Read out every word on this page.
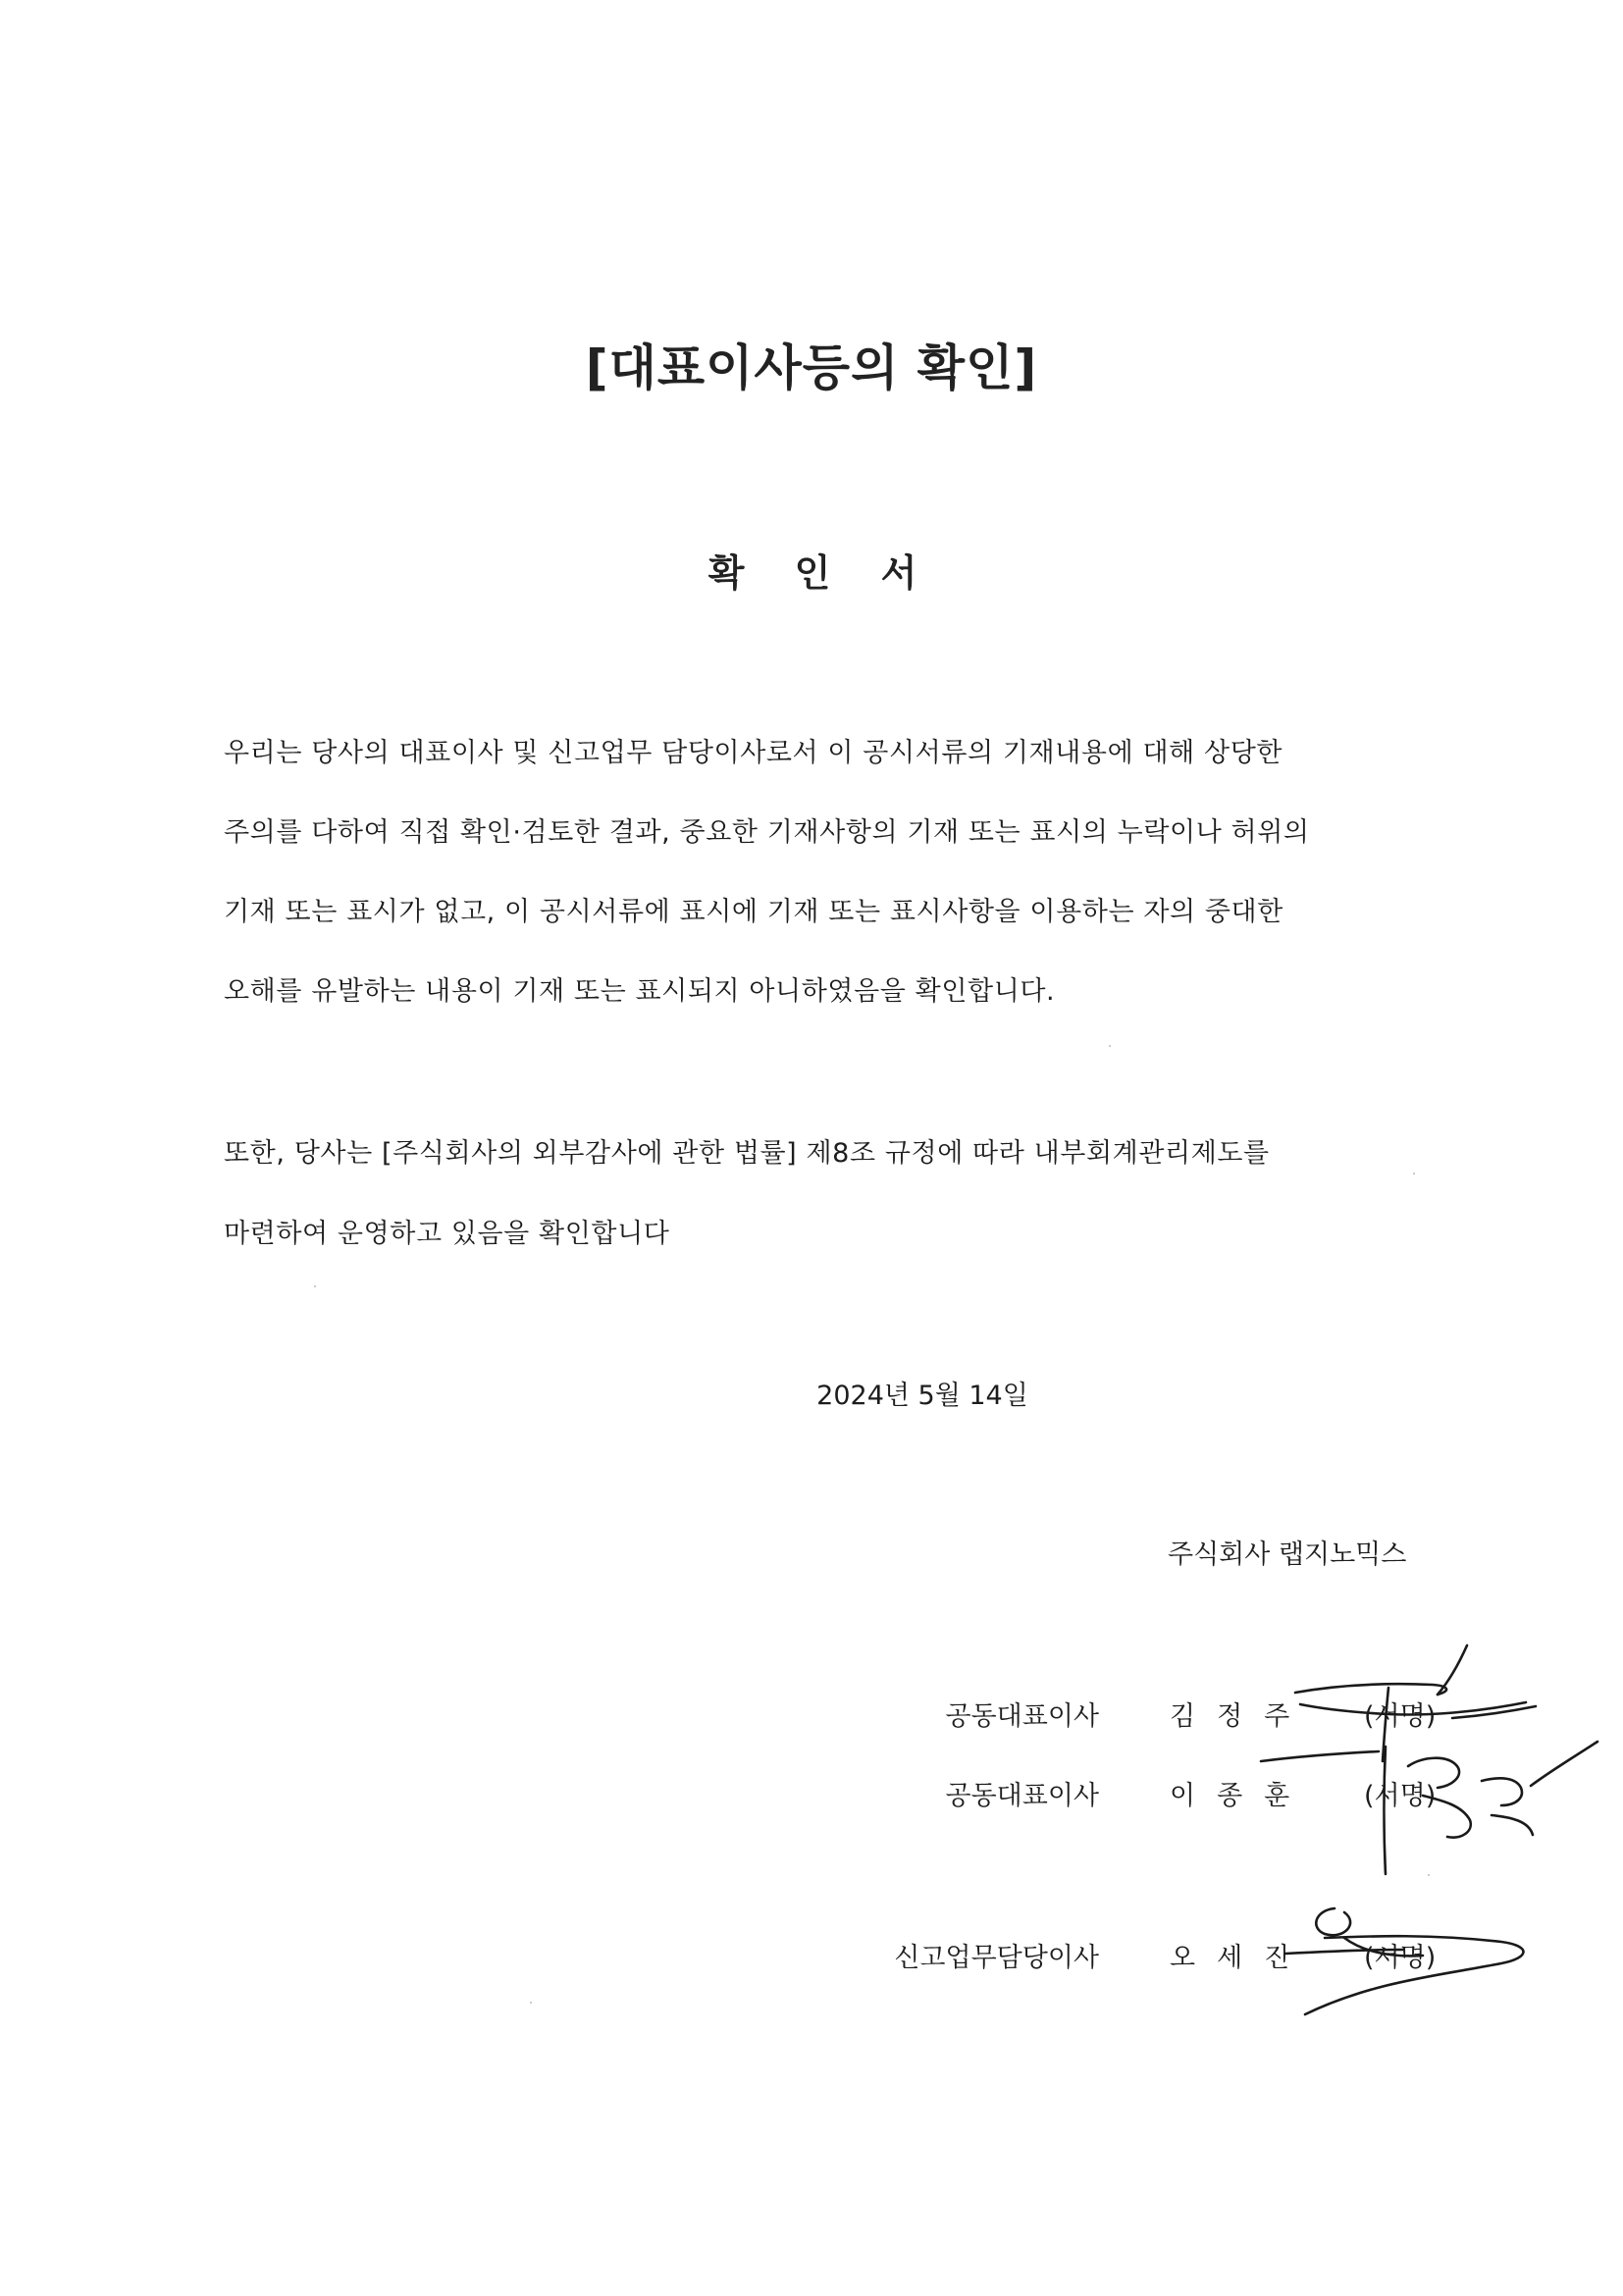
[대표이사등의 확인]
확 인 서
우리는 당사의 대표이사 및 신고업무 담당이사로서 이 공시서류의 기재내용에 대해 상당한
주의를 다하여 직접 확인·검토한 결과, 중요한 기재사항의 기재 또는 표시의 누락이나 허위의
기재 또는 표시가 없고, 이 공시서류에 표시에 기재 또는 표시사항을 이용하는 자의 중대한
오해를 유발하는 내용이 기재 또는 표시되지 아니하였음을 확인합니다.
또한, 당사는 [주식회사의 외부감사에 관한 법률] 제8조 규정에 따라 내부회계관리제도를
마련하여 운영하고 있음을 확인합니다
2024년 5월 14일
주식회사 랩지노믹스
공동대표이사	김정주 (서명)
공동대표이사	이종훈 (서명)
신고업무담당이사	오세진 (서명)
